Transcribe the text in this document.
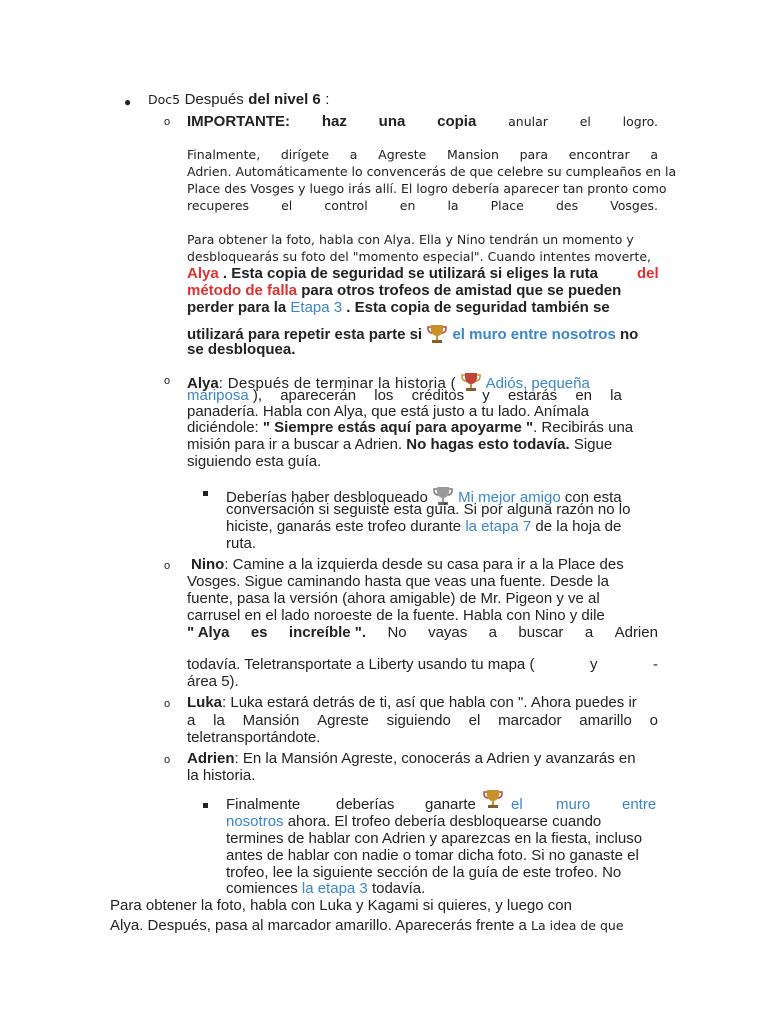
● Doc5 Después del nivel 6 :
o IMPORTANTE: haz una copia	anular	el	logro.
Finalmente, dirígete a Agreste Mansion para encontrar a
Adrien. Automáticamente lo convencerás de que celebre su cumpleaños en la
Place des Vosges y luego irás allí. El logro debería aparecer tan pronto como
recuperes	el	control	en	la	Place	des	Vosges.
Para obtener la foto, habla con Alya. Ella y Nino tendrán un momento y
desbloquearás su foto del "momento especial". Cuando intentes moverte,
Alya . Esta copia de seguridad se utilizará si eliges la ruta	del
método de falla para otros trofeos de amistad que se pueden
perder para la Etapa 3 . Esta copia de seguridad también se
utilizará para repetir esta parte si el muro entre nosotros no
se desbloquea.
o Alya: Después de terminar la historia ( Adiós, pequeña
mariposa ), aparecerán los créditos y estarás en la
panadería. Habla con Alya, que está justo a tu lado. Anímala
diciéndole: " Siempre estás aquí para apoyarme ". Recibirás una
misión para ir a buscar a Adrien. No hagas esto todavía. Sigue
siguiendo esta guía.
Deberías haber desbloqueado Mi mejor amigo con esta
conversación si seguiste esta guía. Si por alguna razón no lo
hiciste, ganarás este trofeo durante la etapa 7 de la hoja de
ruta.
o Nino: Camine a la izquierda desde su casa para ir a la Place des
Vosges. Sigue caminando hasta que veas una fuente. Desde la
fuente, pasa la versión (ahora amigable) de Mr. Pigeon y ve al
carrusel en el lado noroeste de la fuente. Habla con Nino y dile
" Alya es increíble ". No vayas a buscar a Adrien
todavía. Teletransportate a Liberty usando tu mapa (	y	-
área 5).
o Luka: Luka estará detrás de ti, así que habla con ". Ahora puedes ir
a la Mansión Agreste siguiendo el marcador amarillo o
teletransportándote.
o Adrien: En la Mansión Agreste, conocerás a Adrien y avanzarás en
la historia.
Finalmente deberías ganarte el muro entre
nosotros ahora. El trofeo debería desbloquearse cuando
termines de hablar con Adrien y aparezcas en la fiesta, incluso
antes de hablar con nadie o tomar dicha foto. Si no ganaste el
trofeo, lee la siguiente sección de la guía de este trofeo. No
comiences la etapa 3 todavía.
Para obtener la foto, habla con Luka y Kagami si quieres, y luego con
Alya. Después, pasa al marcador amarillo. Aparecerás frente a La idea de que
